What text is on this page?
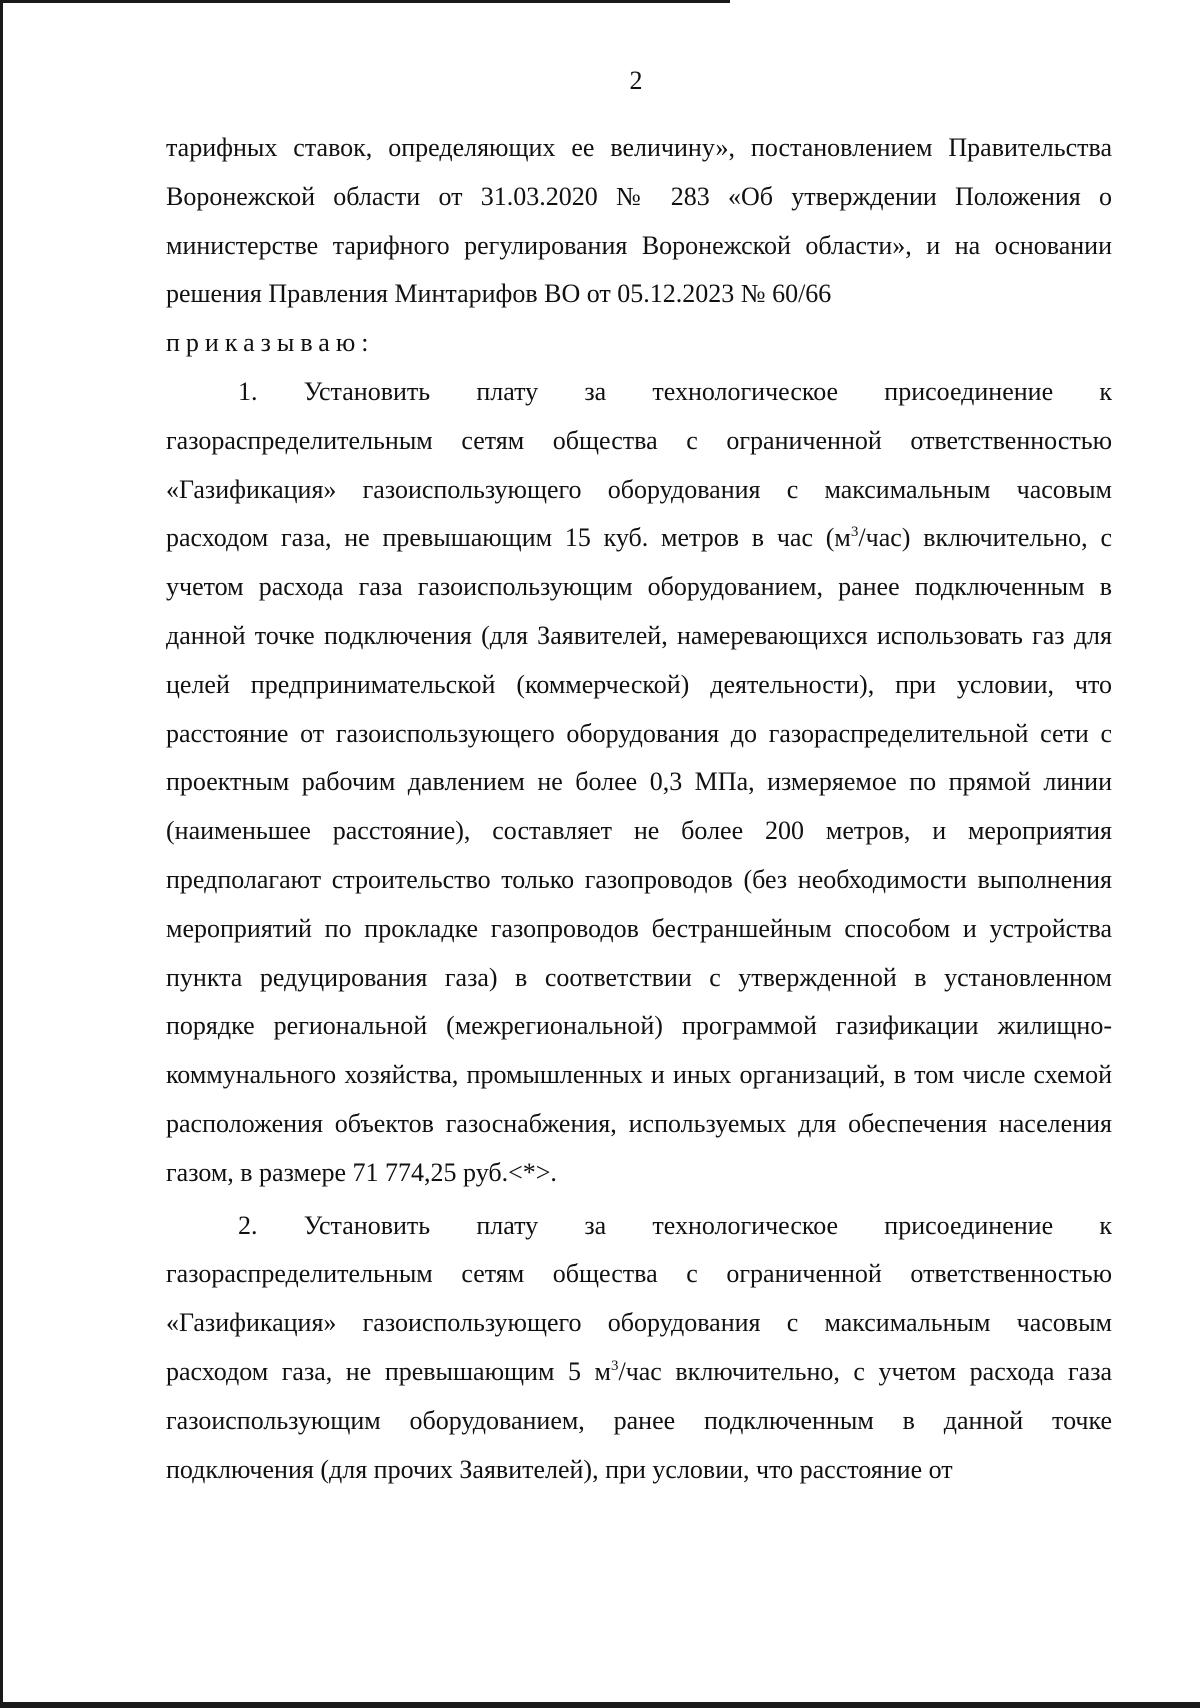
2

тарифных ставок, определяющих ее величину», постановлением Правительства Воронежской области от 31.03.2020 № 283 «Об утверждении Положения о министерстве тарифного регулирования Воронежской области», и на основании решения Правления Минтарифов ВО от 05.12.2023 № 60/66

приказываю:

1. Установить плату за технологическое присоединение к газораспределительным сетям общества с ограниченной ответственностью «Газификация» газоиспользующего оборудования с максимальным часовым расходом газа, не превышающим 15 куб. метров в час $(м^3/час)$ включительно, с учетом расхода газа газоиспользующим оборудованием, ранее подключенным в данной точке подключения (для Заявителей, намеревающихся использовать газ для целей предпринимательской (коммерческой) деятельности), при условии, что расстояние от газоиспользующего оборудования до газораспределительной сети с проектным рабочим давлением не более 0,3 МПа, измеряемое по прямой линии (наименьшее расстояние), составляет не более 200 метров, и мероприятия предполагают строительство только газопроводов (без необходимости выполнения мероприятий по прокладке газопроводов бестраншейным способом и устройства пункта редуцирования газа) в соответствии с утвержденной в установленном порядке региональной (межрегиональной) программой газификации жилищно-коммунального хозяйства, промышленных и иных организаций, в том числе схемой расположения объектов газоснабжения, используемых для обеспечения населения газом, в размере 71 774,25 руб.<*>.

2. Установить плату за технологическое присоединение к газораспределительным сетям общества с ограниченной ответственностью «Газификация» газоиспользующего оборудования с максимальным часовым расходом газа, не превышающим 5 $м^3$/час включительно, с учетом расхода газа газоиспользующим оборудованием, ранее подключенным в данной точке подключения (для прочих Заявителей), при условии, что расстояние от
